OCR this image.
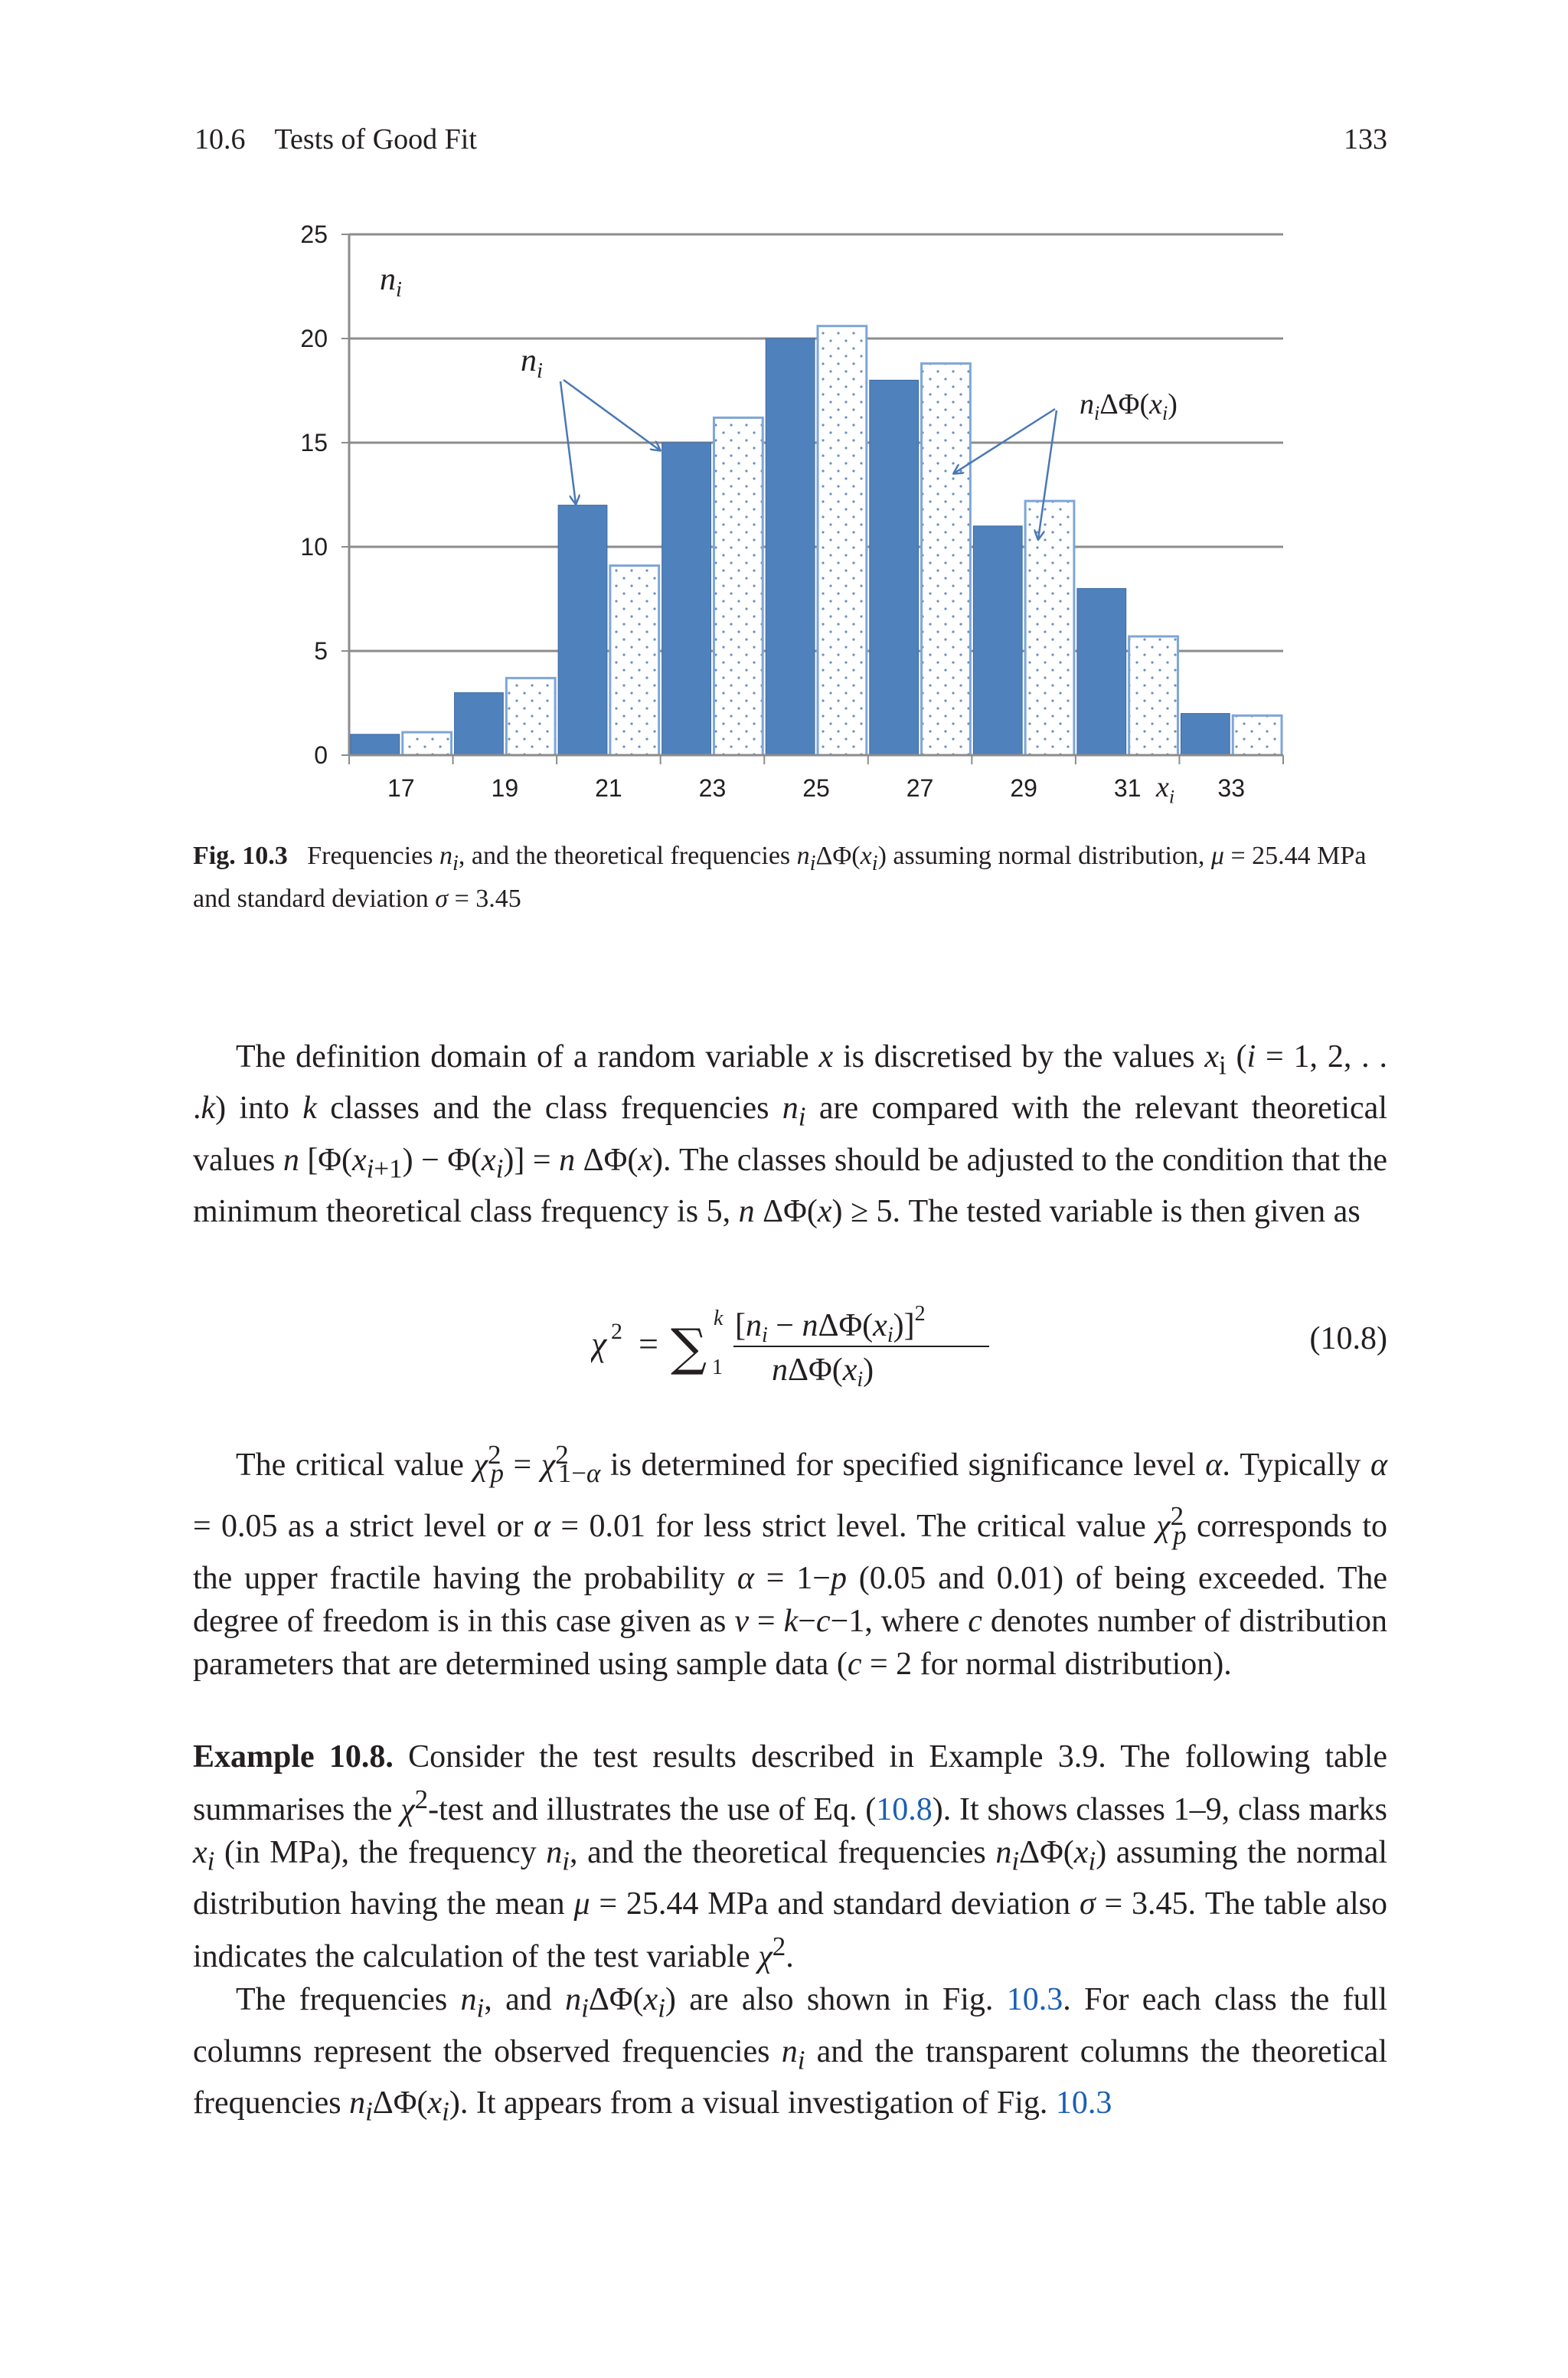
10.6 Tests of Good Fit	133
0
5
10
15
20
25
17	19	21	23	25	27	29	31	33
$n_i$
$x_i$
$n_i$
$n_i\Delta\Phi(x_i)$
Fig. 10.3   Frequencies $n_i$, and the theoretical frequencies $n_i\Delta\Phi(x_i)$ assuming normal distribution, μ = 25.44 MPa and standard deviation σ = 3.45

The definition domain of a random variable x is discretised by the values $x_i$ (i = 1, 2, . . .k) into k classes and the class frequencies $n_i$ are compared with the relevant theoretical values n $[\Phi(x_{i+1}) - \Phi(x_i)] = n$ ΔΦ(x). The classes should be adjusted to the condition that the minimum theoretical class frequency is 5, n ΔΦ(x) ≥ 5. The tested variable is then given as

χ 2 = ∑ k
1
[ni − nΔΦ(xi)]$^2$
nΔΦ(xi)
(10.8)

The critical value $\chi^2_p = \chi^2_{1-\alpha}$ is determined for specified significance level α. Typically α = 0.05 as a strict level or α = 0.01 for less strict level. The critical value $\chi^2_p$ corresponds to the upper fractile having the probability α = 1−p (0.05 and 0.01) of being exceeded. The degree of freedom is in this case given as ν = k−c−1, where c denotes number of distribution parameters that are determined using sample data (c = 2 for normal distribution).

Example 10.8. Consider the test results described in Example 3.9. The following table summarises the $\chi^2$-test and illustrates the use of Eq. (10.8). It shows classes 1–9, class marks $x_i$ (in MPa), the frequency $n_i$, and the theoretical frequencies $n_i\Delta\Phi(x_i)$ assuming the normal distribution having the mean μ = 25.44 MPa and standard deviation σ = 3.45. The table also indicates the calculation of the test variable $\chi^2$.

The frequencies $n_i$, and $n_i\Delta\Phi(x_i)$ are also shown in Fig. 10.3. For each class the full columns represent the observed frequencies $n_i$ and the transparent columns the theoretical frequencies $n_i\Delta\Phi(x_i)$. It appears from a visual investigation of Fig. 10.3
